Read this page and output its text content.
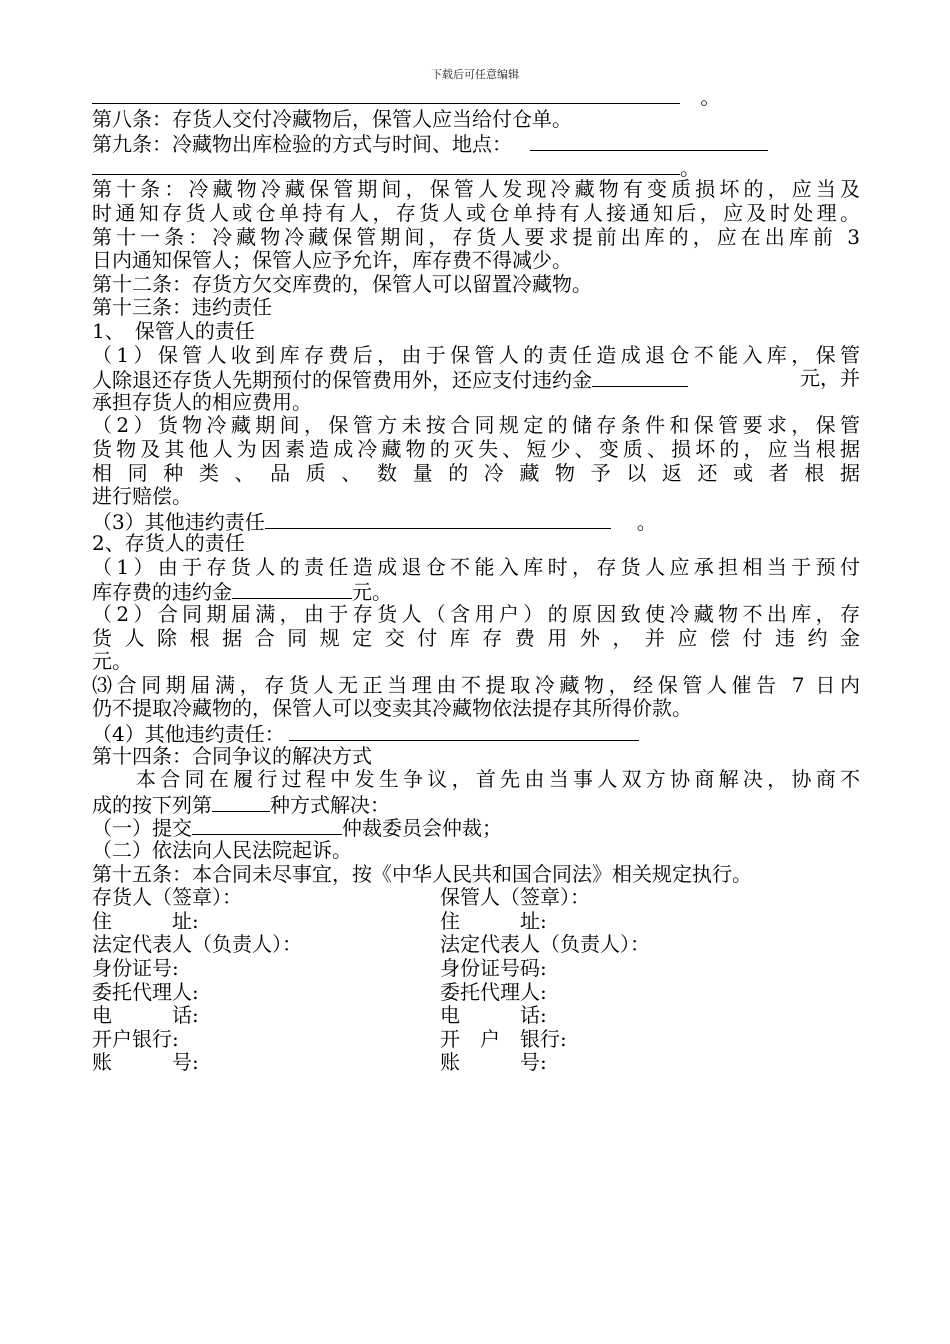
下载后可任意编辑
。
第八条：存货人交付冷藏物后，保管人应当给付仓单。
第九条：冷藏物出库检验的方式与时间、地点：
。
第十条：冷藏物冷藏保管期间，保管人发现冷藏物有变质损坏的，应当及
时通知存货人或仓单持有人，存货人或仓单持有人接通知后，应及时处理。
第十一条：冷藏物冷藏保管期间，存货人要求提前出库的，应在出库前 3
日内通知保管人；保管人应予允许，库存费不得减少。
第十二条：存货方欠交库费的，保管人可以留置冷藏物。
第十三条：违约责任
1、　保管人的责任
（1）保管人收到库存费后，由于保管人的责任造成退仓不能入库，保管
人除退还存货人先期预付的保管费用外，还应支付违约金	元，并
承担存货人的相应费用。
（2）货物冷藏期间，保管方未按合同规定的储存条件和保管要求，保管
货物及其他人为因素造成冷藏物的灭失、短少、变质、损坏的，应当根据
相同种类、品质、数量的冷藏物予以返还或者根据
进行赔偿。
（3）其他违约责任	。
2、存货人的责任
（1）由于存货人的责任造成退仓不能入库时，存货人应承担相当于预付
库存费的违约金	元。
（2）合同期届满，由于存货人（含用户）的原因致使冷藏物不出库，存
货人除根据合同规定交付库存费用外，并应偿付违约金
元。
⑶合同期届满，存货人无正当理由不提取冷藏物，经保管人催告 7 日内
仍不提取冷藏物的，保管人可以变卖其冷藏物依法提存其所得价款。
（4）其他违约责任：
第十四条：合同争议的解决方式
本合同在履行过程中发生争议，首先由当事人双方协商解决，协商不
成的按下列第	种方式解决：
（一）提交	仲裁委员会仲裁；
（二）依法向人民法院起诉。
第十五条：本合同未尽事宜，按《中华人民共和国合同法》相关规定执行。
存货人（签章）：	保管人（签章）：
住　　　址:	住　　　址:
法定代表人（负责人）：	法定代表人（负责人）：
身份证号:	身份证号码:
委托代理人:	委托代理人:
电　　　话:	电　　　话:
开户银行:	开　户　银行:
账　　　号:	账　　　号:
